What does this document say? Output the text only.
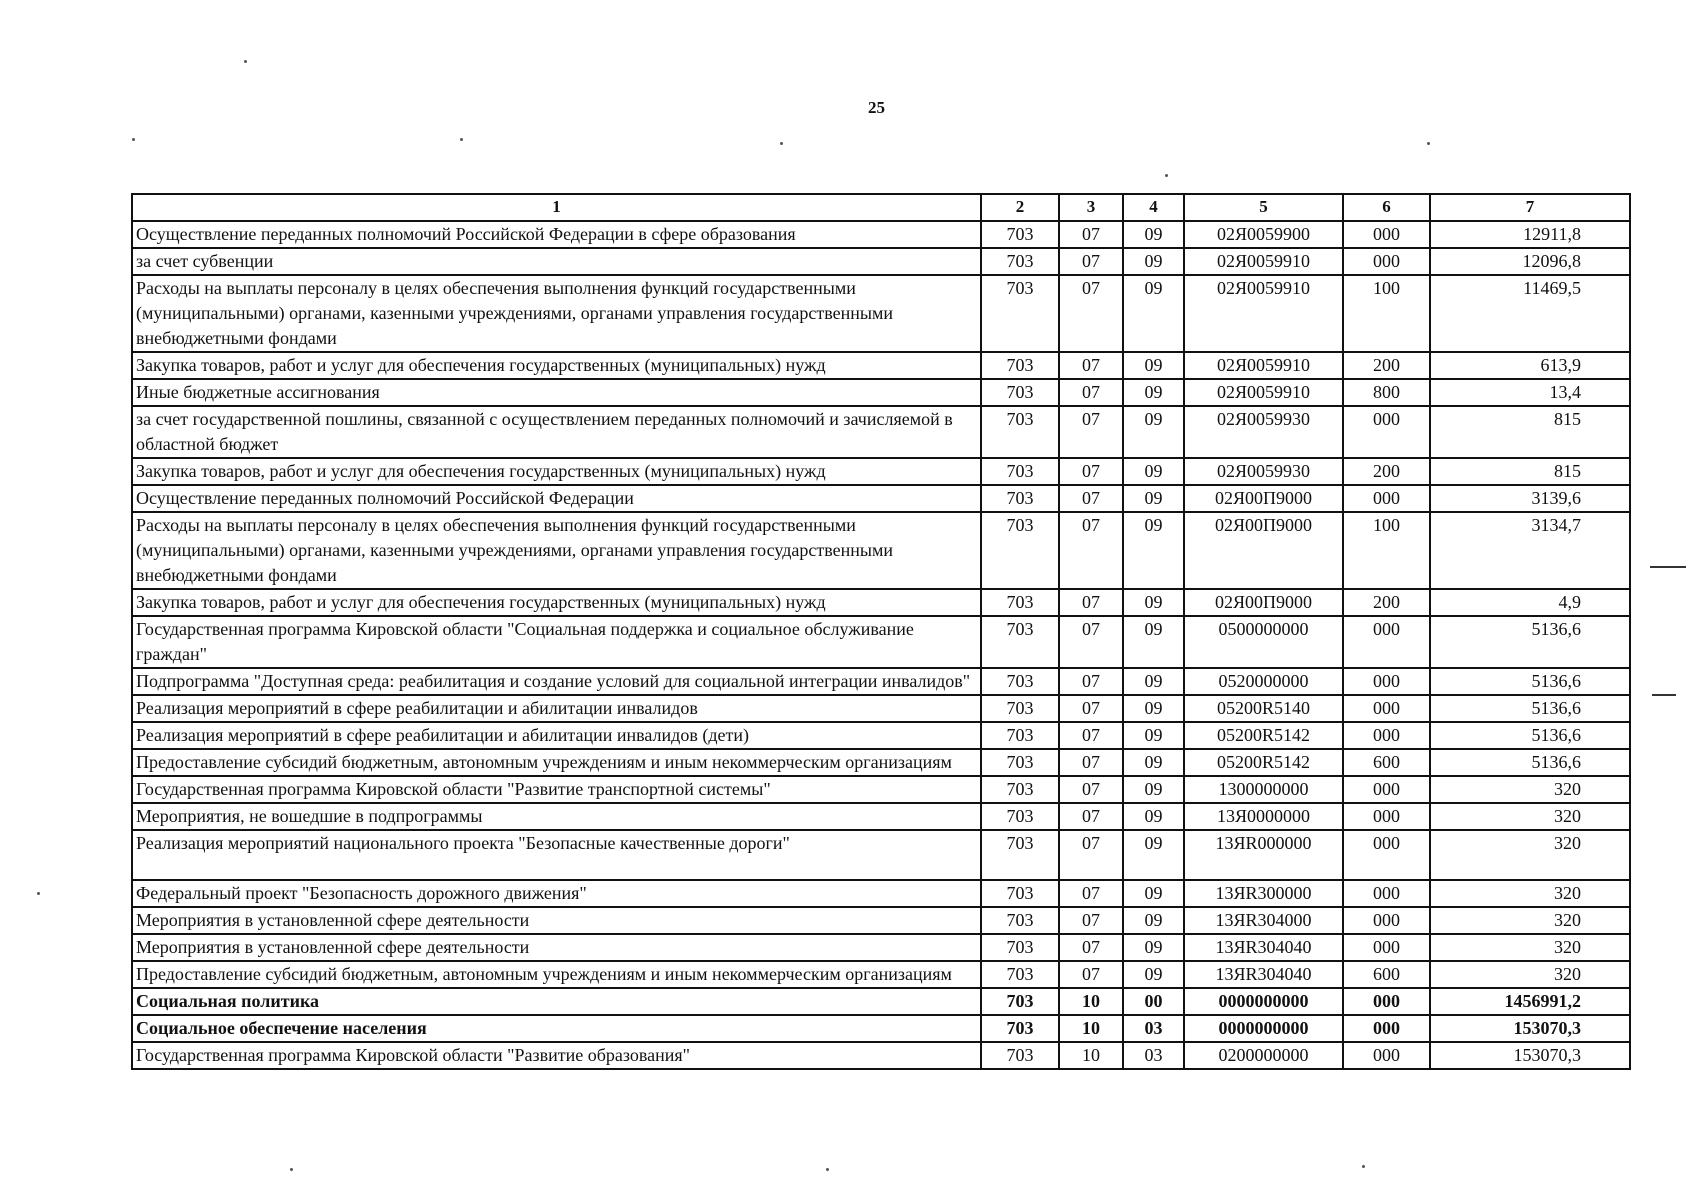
25
1	2	3	4	5	6	7
Осуществление переданных полномочий Российской Федерации в сфере образования	703	07	09	02Я0059900	000	12911,8
за счет субвенции	703	07	09	02Я0059910	000	12096,8
Расходы на выплаты персоналу в целях обеспечения выполнения функций государственными (муниципальными) органами, казенными учреждениями, органами управления государственными внебюджетными фондами	703	07	09	02Я0059910	100	11469,5
Закупка товаров, работ и услуг для обеспечения государственных (муниципальных) нужд	703	07	09	02Я0059910	200	613,9
Иные бюджетные ассигнования	703	07	09	02Я0059910	800	13,4
за счет государственной пошлины, связанной с осуществлением переданных полномочий и зачисляемой в областной бюджет	703	07	09	02Я0059930	000	815
Закупка товаров, работ и услуг для обеспечения государственных (муниципальных) нужд	703	07	09	02Я0059930	200	815
Осуществление переданных полномочий Российской Федерации	703	07	09	02Я00П9000	000	3139,6
Расходы на выплаты персоналу в целях обеспечения выполнения функций государственными (муниципальными) органами, казенными учреждениями, органами управления государственными внебюджетными фондами	703	07	09	02Я00П9000	100	3134,7
Закупка товаров, работ и услуг для обеспечения государственных (муниципальных) нужд	703	07	09	02Я00П9000	200	4,9
Государственная программа Кировской области "Социальная поддержка и социальное обслуживание граждан"	703	07	09	0500000000	000	5136,6
Подпрограмма "Доступная среда: реабилитация и создание условий для социальной интеграции инвалидов"	703	07	09	0520000000	000	5136,6
Реализация мероприятий в сфере реабилитации и абилитации инвалидов	703	07	09	05200R5140	000	5136,6
Реализация мероприятий в сфере реабилитации и абилитации инвалидов (дети)	703	07	09	05200R5142	000	5136,6
Предоставление субсидий бюджетным, автономным учреждениям и иным некоммерческим организациям	703	07	09	05200R5142	600	5136,6
Государственная программа Кировской области "Развитие транспортной системы"	703	07	09	1300000000	000	320
Мероприятия, не вошедшие в подпрограммы	703	07	09	13Я0000000	000	320
Реализация мероприятий национального проекта "Безопасные качественные дороги"	703	07	09	13ЯR000000	000	320
Федеральный проект "Безопасность дорожного движения"	703	07	09	13ЯR300000	000	320
Мероприятия в установленной сфере деятельности	703	07	09	13ЯR304000	000	320
Мероприятия в установленной сфере деятельности	703	07	09	13ЯR304040	000	320
Предоставление субсидий бюджетным, автономным учреждениям и иным некоммерческим организациям	703	07	09	13ЯR304040	600	320
Социальная политика	703	10	00	0000000000	000	1456991,2
Социальное обеспечение населения	703	10	03	0000000000	000	153070,3
Государственная программа Кировской области "Развитие образования"	703	10	03	0200000000	000	153070,3
